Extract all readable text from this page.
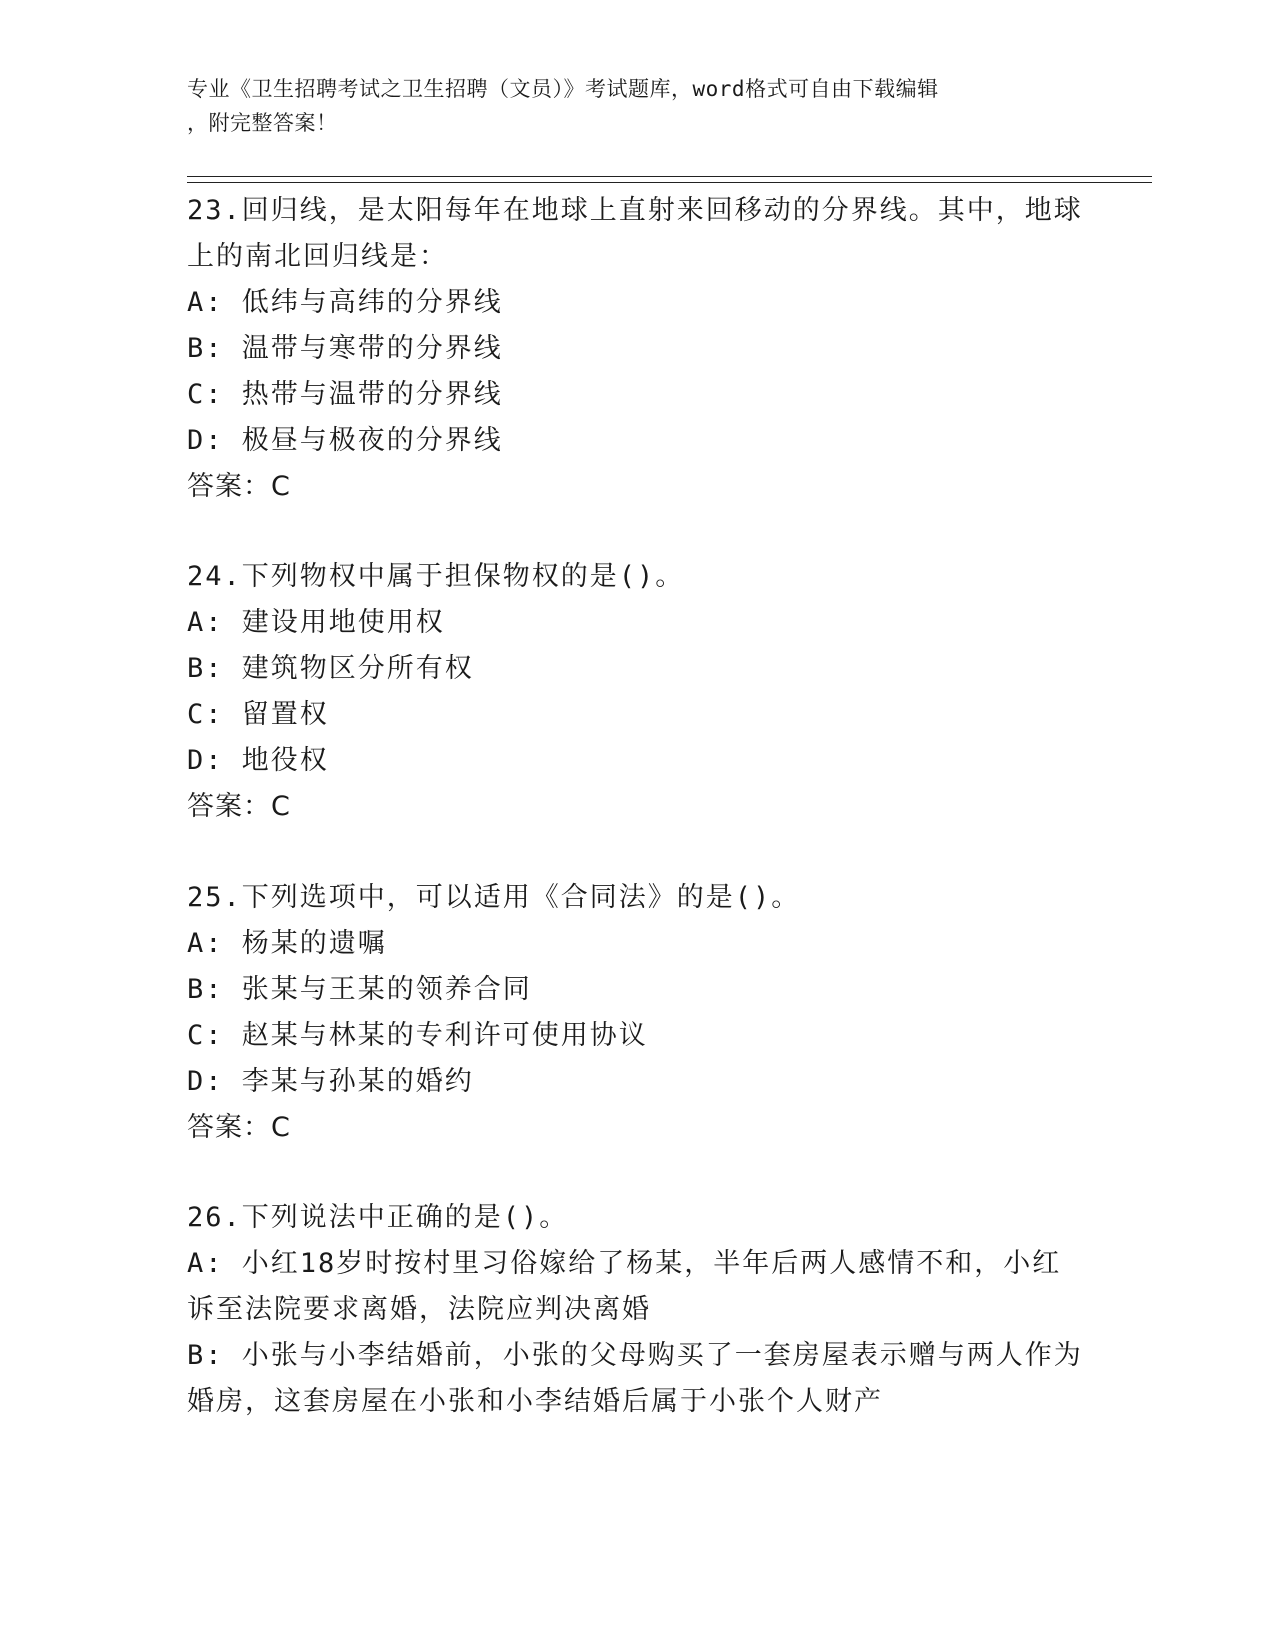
专业《卫生招聘考试之卫生招聘（文员）》考试题库，word格式可自由下载编辑
，附完整答案！

23.回归线，是太阳每年在地球上直射来回移动的分界线。其中，地球

上的南北回归线是：

A: 低纬与高纬的分界线

B: 温带与寒带的分界线

C: 热带与温带的分界线

D: 极昼与极夜的分界线

答案：C

24.下列物权中属于担保物权的是()。

A: 建设用地使用权

B: 建筑物区分所有权

C: 留置权

D: 地役权

答案：C

25.下列选项中，可以适用《合同法》的是()。

A: 杨某的遗嘱

B: 张某与王某的领养合同

C: 赵某与林某的专利许可使用协议

D: 李某与孙某的婚约

答案：C

26.下列说法中正确的是()。

A: 小红18岁时按村里习俗嫁给了杨某，半年后两人感情不和，小红

诉至法院要求离婚，法院应判决离婚

B: 小张与小李结婚前，小张的父母购买了一套房屋表示赠与两人作为

婚房，这套房屋在小张和小李结婚后属于小张个人财产
